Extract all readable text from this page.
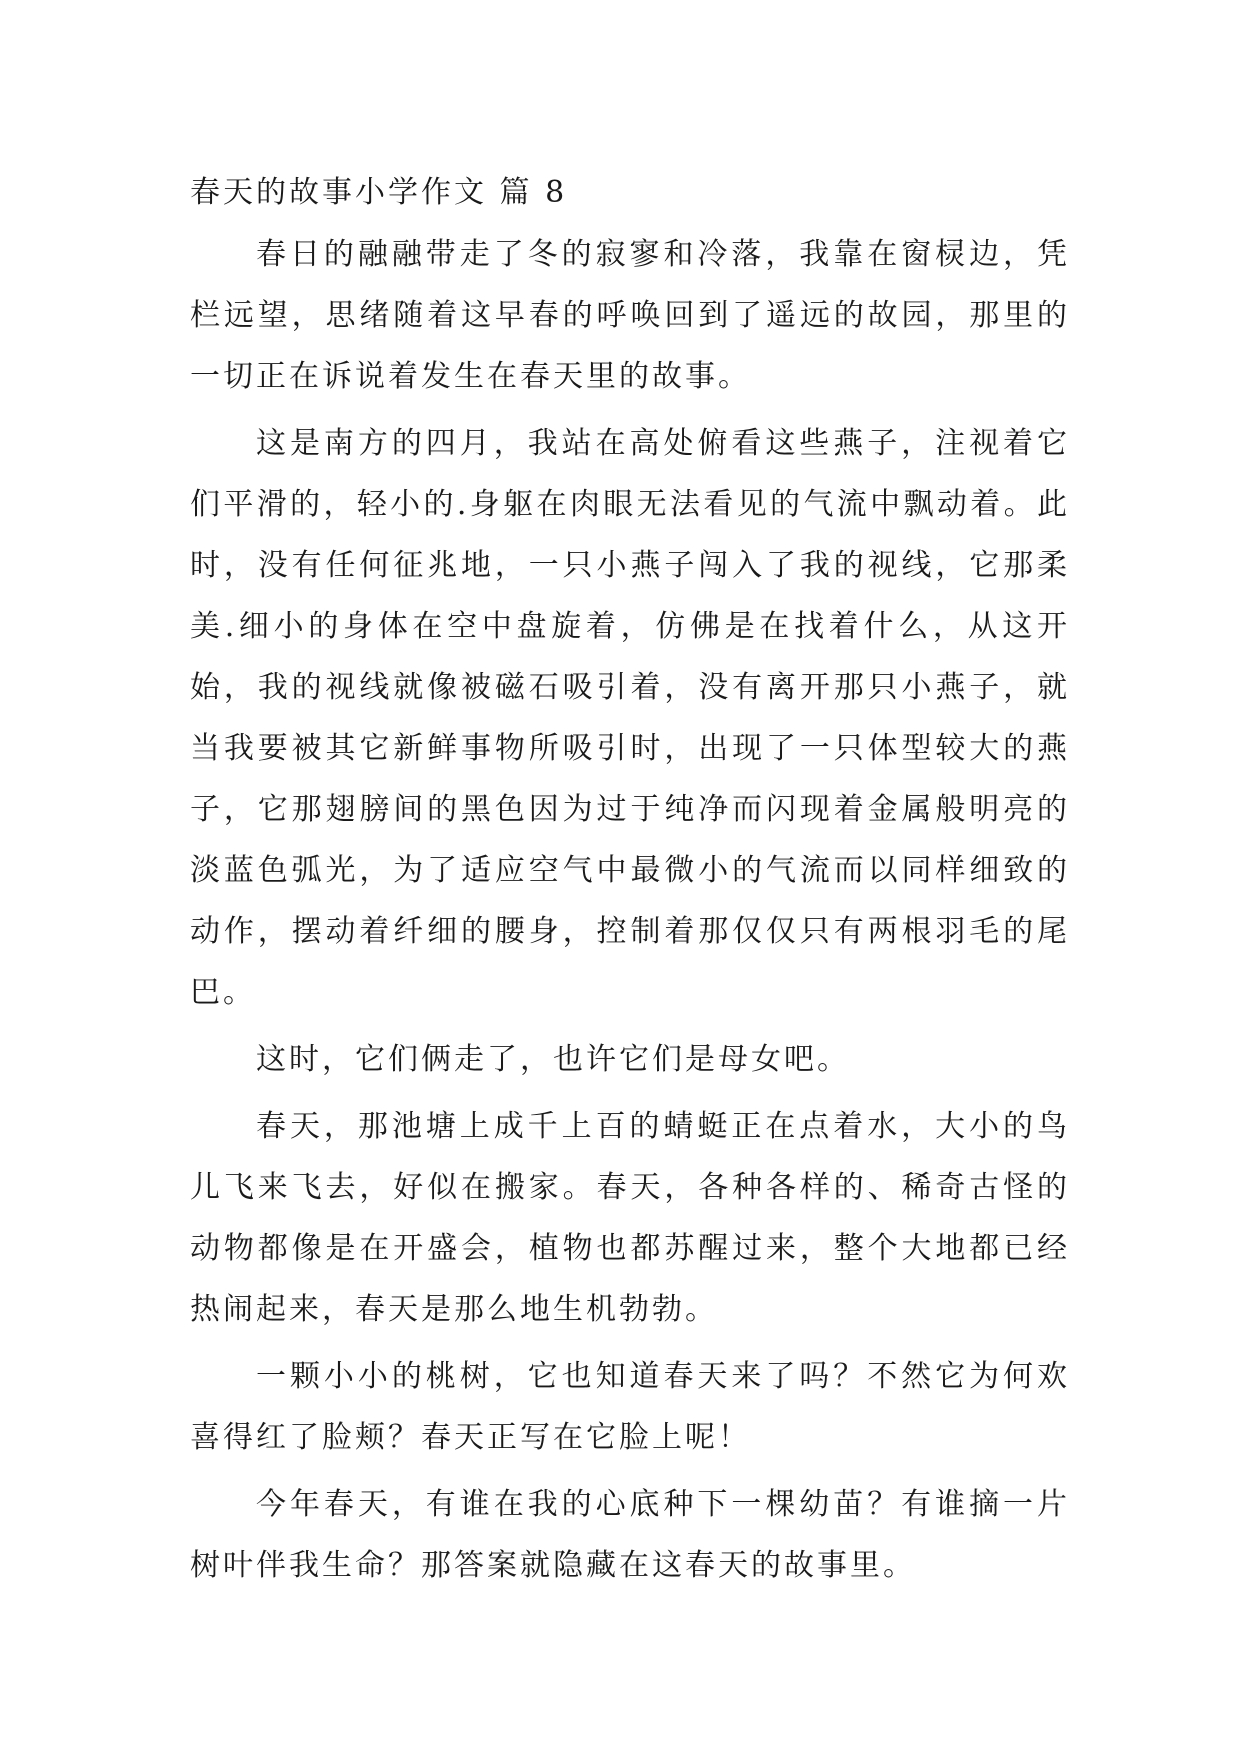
春天的故事小学作文 篇 8

春日的融融带走了冬的寂寥和冷落，我靠在窗棂边，凭栏远望，思绪随着这早春的呼唤回到了遥远的故园，那里的一切正在诉说着发生在春天里的故事。

这是南方的四月，我站在高处俯看这些燕子，注视着它们平滑的，轻小的.身躯在肉眼无法看见的气流中飘动着。此时，没有任何征兆地，一只小燕子闯入了我的视线，它那柔美.细小的身体在空中盘旋着，仿佛是在找着什么，从这开始，我的视线就像被磁石吸引着，没有离开那只小燕子，就当我要被其它新鲜事物所吸引时，出现了一只体型较大的燕子，它那翅膀间的黑色因为过于纯净而闪现着金属般明亮的淡蓝色弧光，为了适应空气中最微小的气流而以同样细致的动作，摆动着纤细的腰身，控制着那仅仅只有两根羽毛的尾巴。

这时，它们俩走了，也许它们是母女吧。

春天，那池塘上成千上百的蜻蜓正在点着水，大小的鸟儿飞来飞去，好似在搬家。春天，各种各样的、稀奇古怪的动物都像是在开盛会，植物也都苏醒过来，整个大地都已经热闹起来，春天是那么地生机勃勃。

一颗小小的桃树，它也知道春天来了吗？不然它为何欢喜得红了脸颊？春天正写在它脸上呢！

今年春天，有谁在我的心底种下一棵幼苗？有谁摘一片树叶伴我生命？那答案就隐藏在这春天的故事里。
